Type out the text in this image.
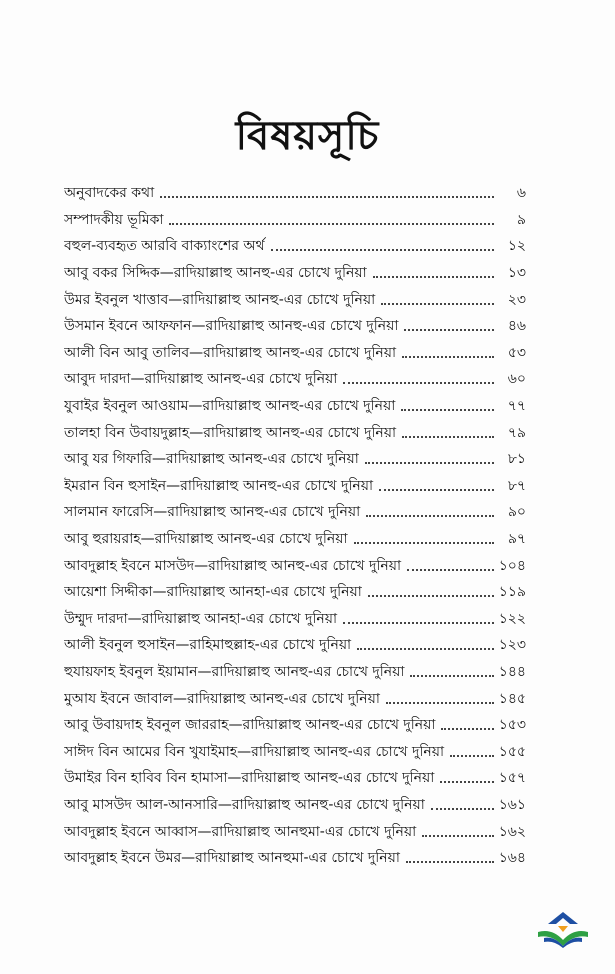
বিষয়সূচি
অনুবাদকের কথা	৬
সম্পাদকীয় ভূমিকা	৯
বহুল-ব্যবহৃত আরবি বাক্যাংশের অর্থ	১২
আবু বকর সিদ্দিক—রাদিয়াল্লাহু আনহু-এর চোখে দুনিয়া	১৩
উমর ইবনুল খাত্তাব—রাদিয়াল্লাহু আনহু-এর চোখে দুনিয়া	২৩
উসমান ইবনে আফফান—রাদিয়াল্লাহু আনহু-এর চোখে দুনিয়া	৪৬
আলী বিন আবু তালিব—রাদিয়াল্লাহু আনহু-এর চোখে দুনিয়া	৫৩
আবুদ দারদা—রাদিয়াল্লাহু আনহু-এর চোখে দুনিয়া	৬০
যুবাইর ইবনুল আওয়াম—রাদিয়াল্লাহু আনহু-এর চোখে দুনিয়া	৭৭
তালহা বিন উবায়দুল্লাহ—রাদিয়াল্লাহু আনহু-এর চোখে দুনিয়া	৭৯
আবু যর গিফারি—রাদিয়াল্লাহু আনহু-এর চোখে দুনিয়া	৮১
ইমরান বিন হুসাইন—রাদিয়াল্লাহু আনহু-এর চোখে দুনিয়া	৮৭
সালমান ফারেসি—রাদিয়াল্লাহু আনহু-এর চোখে দুনিয়া	৯০
আবু হুরায়রাহ—রাদিয়াল্লাহু আনহু-এর চোখে দুনিয়া	৯৭
আবদুল্লাহ ইবনে মাসউদ—রাদিয়াল্লাহু আনহু-এর চোখে দুনিয়া	১০৪
আয়েশা সিদ্দীকা—রাদিয়াল্লাহু আনহা-এর চোখে দুনিয়া	১১৯
উম্মুদ দারদা—রাদিয়াল্লাহু আনহা-এর চোখে দুনিয়া	১২২
আলী ইবনুল হুসাইন—রাহিমাহুল্লাহ-এর চোখে দুনিয়া	১২৩
হুযায়ফাহ ইবনুল ইয়ামান—রাদিয়াল্লাহু আনহু-এর চোখে দুনিয়া	১৪৪
মুআয ইবনে জাবাল—রাদিয়াল্লাহু আনহু-এর চোখে দুনিয়া	১৪৫
আবু উবায়দাহ ইবনুল জাররাহ—রাদিয়াল্লাহু আনহু-এর চোখে দুনিয়া	১৫৩
সাঈদ বিন আমের বিন খুযাইমাহ—রাদিয়াল্লাহু আনহু-এর চোখে দুনিয়া	১৫৫
উমাইর বিন হাবিব বিন হামাসা—রাদিয়াল্লাহু আনহু-এর চোখে দুনিয়া	১৫৭
আবু মাসউদ আল-আনসারি—রাদিয়াল্লাহু আনহু-এর চোখে দুনিয়া	১৬১
আবদুল্লাহ ইবনে আব্বাস—রাদিয়াল্লাহু আনহুমা-এর চোখে দুনিয়া	১৬২
আবদুল্লাহ ইবনে উমর—রাদিয়াল্লাহু আনহুমা-এর চোখে দুনিয়া	১৬৪
